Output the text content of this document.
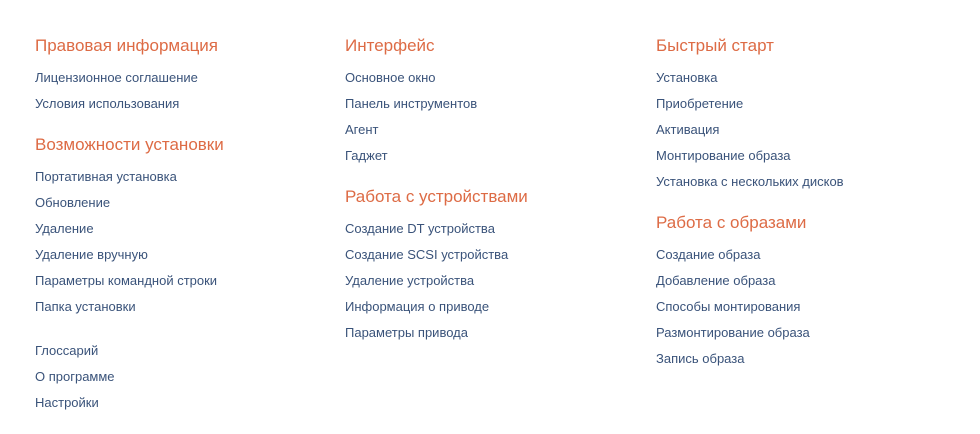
Правовая информация
Лицензионное соглашение
Условия использования
Возможности установки
Портативная установка
Обновление
Удаление
Удаление вручную
Параметры командной строки
Папка установки
Глоссарий
О программе
Настройки
Интерфейс
Основное окно
Панель инструментов
Агент
Гаджет
Работа с устройствами
Создание DT устройства
Создание SCSI устройства
Удаление устройства
Информация о приводе
Параметры привода
Быстрый старт
Установка
Приобретение
Активация
Монтирование образа
Установка с нескольких дисков
Работа с образами
Создание образа
Добавление образа
Способы монтирования
Размонтирование образа
Запись образа
